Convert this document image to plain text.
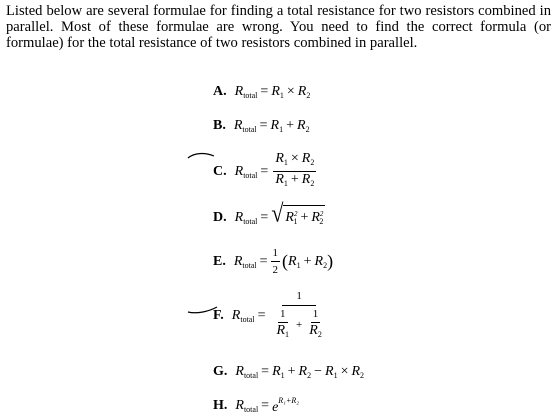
Listed below are several formulae for finding a total resistance for two resistors combined in parallel. Most of these formulae are wrong. You need to find the correct formula (or formulae) for the total resistance of two resistors combined in parallel.

A. $R_{total} = R_1 \times R_2$
B. $R_{total} = R_1 + R_2$
C. $R_{total} = \frac{R_1 \times R_2}{R_1 + R_2}$
D. $R_{total}$ = √ $R^2_1 + R^2_2$
E. $R_{total} = \frac{1}{2}$ ( $R_1 + R_2$ )
F. $R_{total} = \frac{1}{\frac{1}{R_1} + \frac{1}{R_2}}$
G. $R_{total} = R_1 + R_2 - R_1 \times R_2$
H. $R_{total} = e^{R_1+R_2}$
